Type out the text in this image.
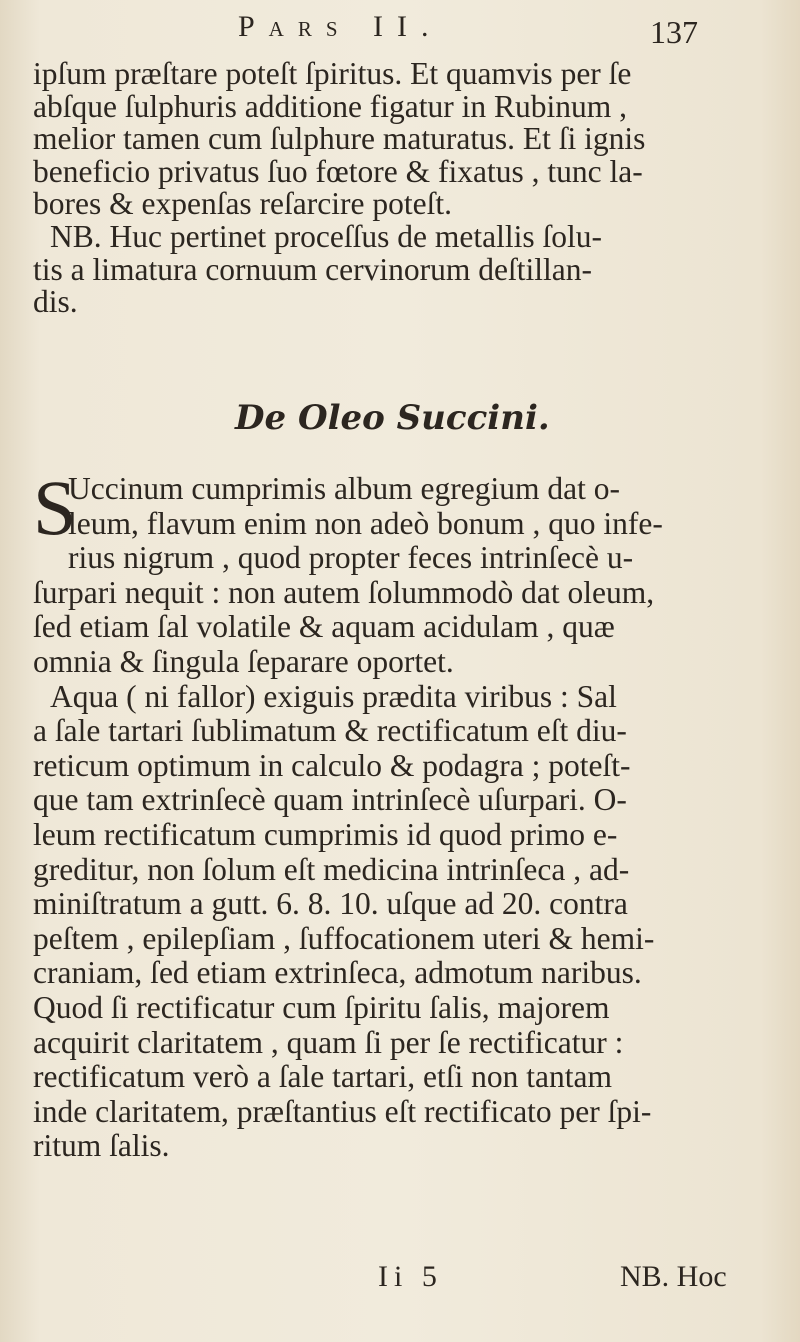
Pars II.	137
ipſum præſtare poteſt ſpiritus. Et quamvis per ſe
abſque ſulphuris additione figatur in Rubinum ,
melior tamen cum ſulphure maturatus. Et ſi ignis
beneficio privatus ſuo fœtore & fixatus , tunc la-
bores & expenſas reſarcire poteſt.
NB. Huc pertinet proceſſus de metallis ſolu-
tis a limatura cornuum cervinorum deſtillan-
dis.
De Oleo Succini.
S
Uccinum cumprimis album egregium dat o-
leum, flavum enim non adeò bonum , quo infe-
rius nigrum , quod propter feces intrinſecè u-
ſurpari nequit : non autem ſolummodò dat oleum,
ſed etiam ſal volatile & aquam acidulam , quæ
omnia & ſingula ſeparare oportet.
Aqua ( ni fallor) exiguis prædita viribus : Sal
a ſale tartari ſublimatum & rectificatum eſt diu-
reticum optimum in calculo & podagra ; poteſt-
que tam extrinſecè quam intrinſecè uſurpari. O-
leum rectificatum cumprimis id quod primo e-
greditur, non ſolum eſt medicina intrinſeca , ad-
miniſtratum a gutt. 6. 8. 10. uſque ad 20. contra
peſtem , epilepſiam , ſuffocationem uteri & hemi-
craniam, ſed etiam extrinſeca, admotum naribus.
Quod ſi rectificatur cum ſpiritu ſalis, majorem
acquirit claritatem , quam ſi per ſe rectificatur :
rectificatum verò a ſale tartari, etſi non tantam
inde claritatem, præſtantius eſt rectificato per ſpi-
ritum ſalis.
Ii 5	NB. Hoc
